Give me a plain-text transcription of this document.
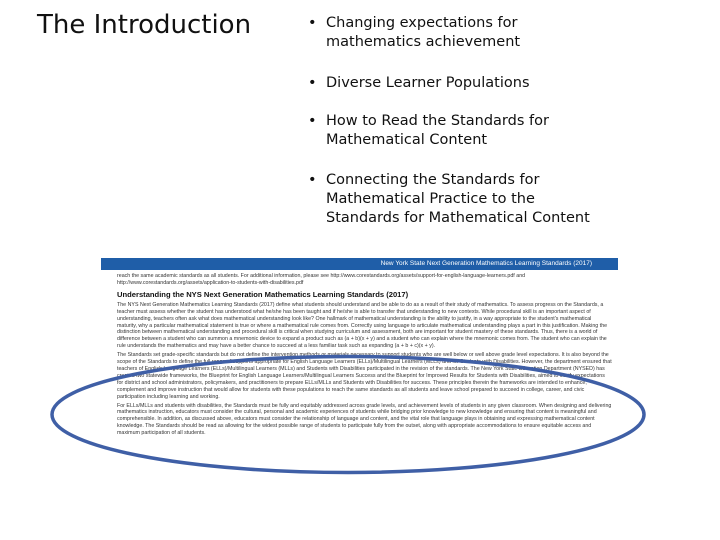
The Introduction	• Changing expectations for mathematics achievement
• Diverse Learner Populations
• How to Read the Standards for Mathematical Content
• Connecting the Standards for Mathematical Practice to the Standards for Mathematical Content
New York State Next Generation Mathematics Learning Standards (2017)

reach the same academic standards as all students. For additional information, please see http://www.corestandards.org/assets/support-for-english-language-learners.pdf and http://www.corestandards.org/assets/application-to-students-with-disabilities.pdf

Understanding the NYS Next Generation Mathematics Learning Standards (2017)

The NYS Next Generation Mathematics Learning Standards (2017) define what students should understand and be able to do as a result of their study of mathematics. To assess progress on the Standards, a teacher must assess whether the student has understood what he/she has been taught and if he/she is able to transfer that understanding to new contexts. While procedural skill is an important aspect of understanding, teachers often ask what does mathematical understanding look like? One hallmark of mathematical understanding is the ability to justify, in a way appropriate to the student's mathematical maturity, why a particular mathematical statement is true or where a mathematical rule comes from. Correctly using language to articulate mathematical understanding plays a part in this justification. Making the distinction between mathematical understanding and procedural skill is critical when studying curriculum and assessment, both are important for student mastery of these standards. Thus, there is a world of difference between a student who can summon a mnemonic device to expand a product such as (a + b)(x + y) and a student who can explain where the mnemonic comes from. The student who can explain the rule understands the mathematics and may have a better chance to succeed at a less familiar task such as expanding (a + b + c)(x + y).

The Standards set grade-specific standards but do not define the intervention methods or materials necessary to support students who are well below or well above grade level expectations. It is also beyond the scope of the Standards to define the full range of supports appropriate for English Language Learners (ELLs)/Multilingual Learners (MLLs) and for Students with Disabilities. However, the department ensured that teachers of English Language Learners (ELLs)/Multilingual Learners (MLLs) and Students with Disabilities participated in the revision of the standards. The New York State Education Department (NYSED) has created two statewide frameworks, the Blueprint for English Language Learners/Multilingual Learners Success and the Blueprint for Improved Results for Students with Disabilities, aimed to clarify expectations for district and school administrators, policymakers, and practitioners to prepare ELLs/MLLs and Students with Disabilities for success. These principles therein the frameworks are intended to enhance, complement and improve instruction that would allow for students with these populations to reach the same standards as all students and leave school prepared to succeed in college, career, and civic participation including learning and working.

For ELLs/MLLs and students with disabilities, the Standards must be fully and equitably addressed across grade levels, and achievement levels of students in any given classroom. When designing and delivering mathematics instruction, educators must consider the cultural, personal and academic experiences of students while bridging prior knowledge to new knowledge and ensuring that content is meaningful and comprehensible. In addition, as discussed above, educators must consider the relationship of language and content, and the vital role that language plays in obtaining and expressing mathematical content knowledge. The Standards should be read as allowing for the widest possible range of students to participate fully from the outset, along with appropriate accommodations to ensure equitable access and maximum participation of all students.
